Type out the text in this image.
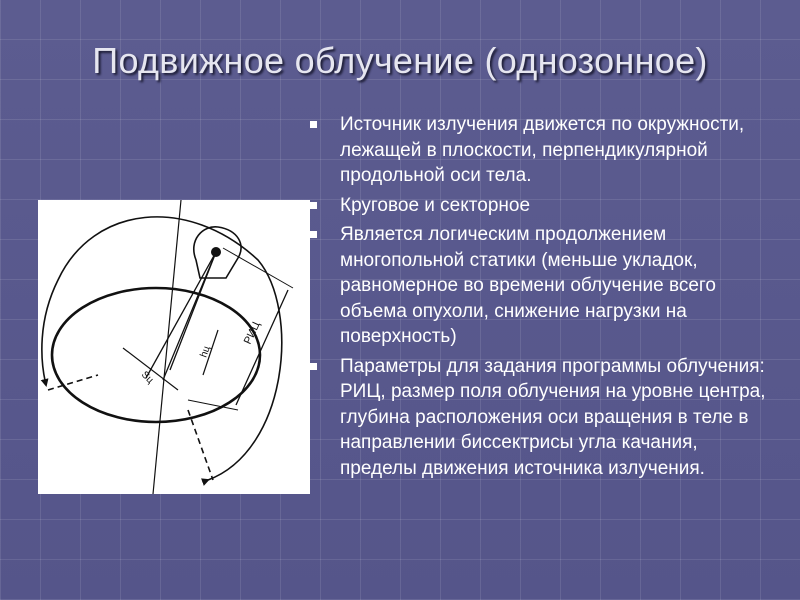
Подвижное облучение (однозонное)
РИЦ
hц
Sц
Источник излучения движется по окружности, лежащей в плоскости, перпендикулярной продольной оси тела.
Круговое и секторное
Является логическим продолжением многопольной статики (меньше укладок, равномерное во времени облучение всего объема опухоли, снижение нагрузки на поверхность)
Параметры для задания программы облучения: РИЦ, размер поля облучения на уровне центра, глубина расположения оси вращения в теле в направлении биссектрисы угла качания, пределы движения источника излучения.
